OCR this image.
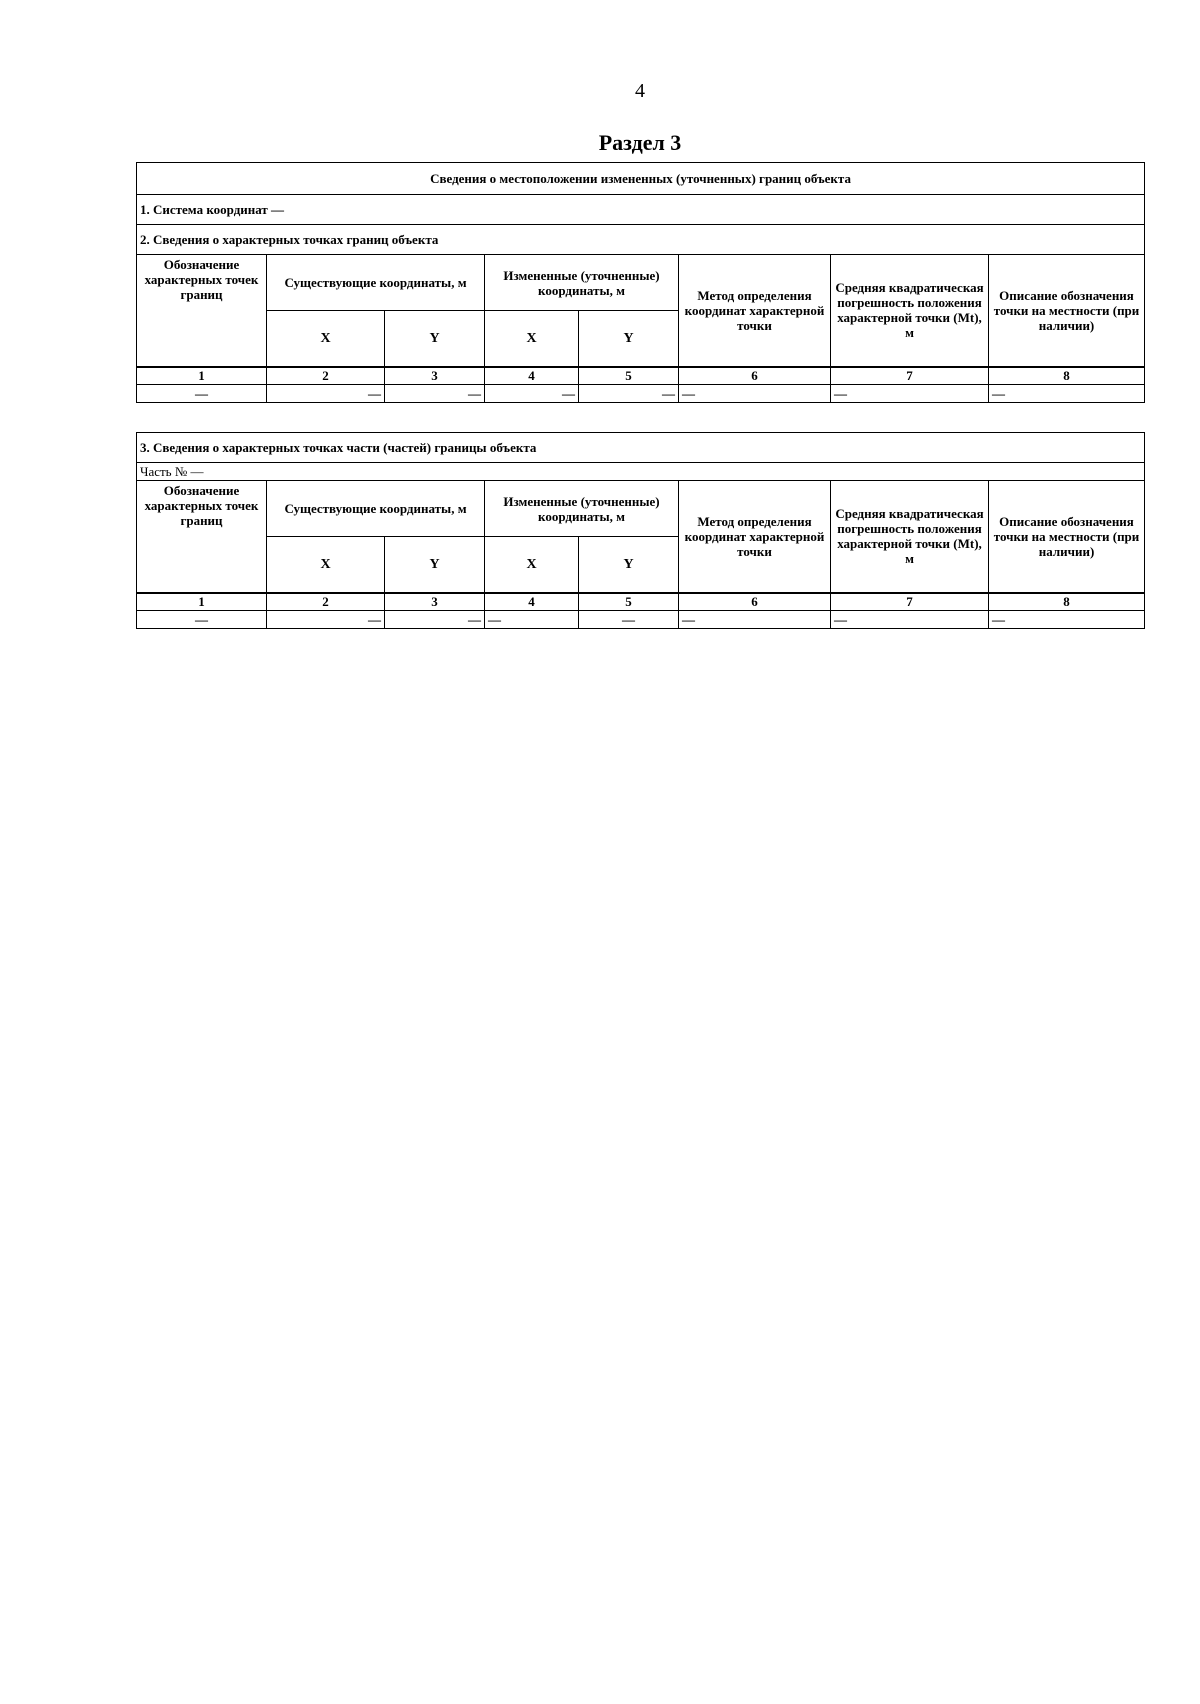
4
Раздел 3
Сведения о местоположении измененных (уточненных) границ объекта							
1. Система координат —							
2. Сведения о характерных точках границ объекта							
Обозначение характерных точек границ	Существующие координаты, м		Измененные (уточненные) координаты, м		Метод определения координат характерной точки	Средняя квадратическая погрешность положения характерной точки (Mt), м	Описание обозначения точки на местности (при наличии)
	X	Y	X	Y			
1	2	3	4	5	6	7	8
—	—	—	—	—	—	—	—
3. Сведения о характерных точках части (частей) границы объекта							
Часть № —							
Обозначение характерных точек границ	Существующие координаты, м		Измененные (уточненные) координаты, м		Метод определения координат характерной точки	Средняя квадратическая погрешность положения характерной точки (Mt), м	Описание обозначения точки на местности (при наличии)
	X	Y	X	Y			
1	2	3	4	5	6	7	8
—	—	—	—	—	—	—	—
